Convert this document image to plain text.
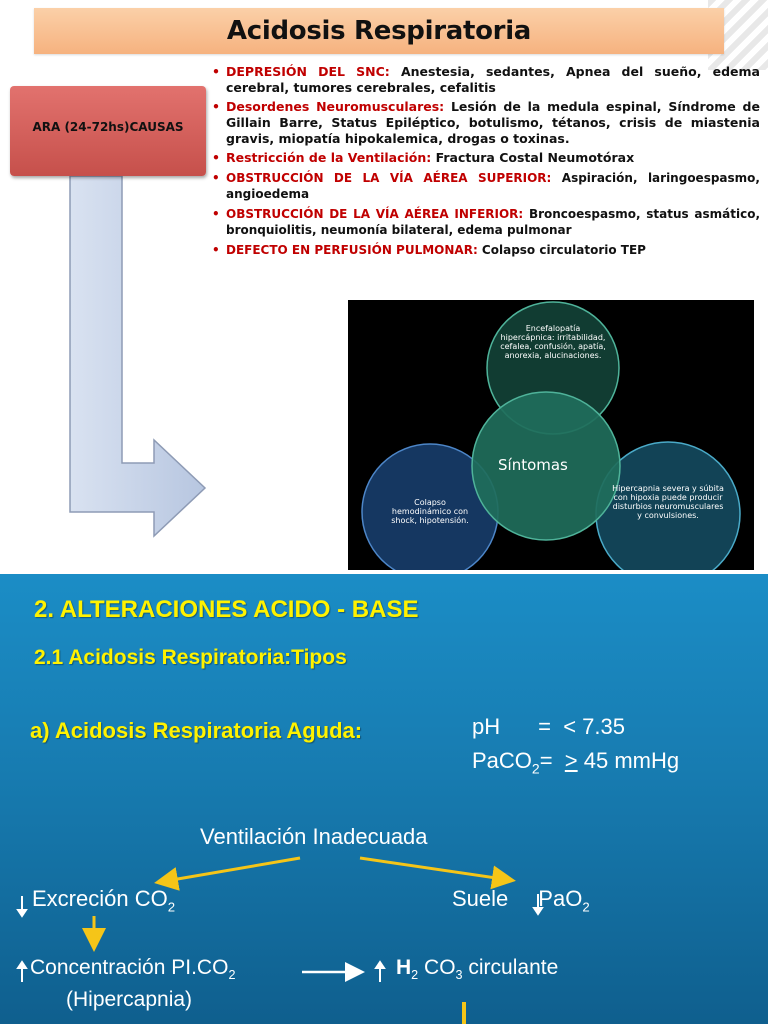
Acidosis Respiratoria
ARA (24-72hs)CAUSAS
• DEPRESIÓN DEL SNC: Anestesia, sedantes, Apnea del sueño, edema cerebral, tumores cerebrales, cefalitis
• Desordenes Neuromusculares: Lesión de la medula espinal, Síndrome de Gillain Barre, Status Epiléptico, botulismo, tétanos, crisis de miastenia gravis, miopatía hipokalemica, drogas o toxinas.
• Restricción de la Ventilación: Fractura Costal Neumotórax
• OBSTRUCCIÓN DE LA VÍA AÉREA SUPERIOR: Aspiración, laringoespasmo, angioedema
• OBSTRUCCIÓN DE LA VÍA AÉREA INFERIOR: Broncoespasmo, status asmático, bronquiolitis, neumonía bilateral, edema pulmonar
• DEFECTO EN PERFUSIÓN PULMONAR: Colapso circulatorio TEP
Encefalopatía hipercápnica: irritabilidad, cefalea, confusión, apatía, anorexia, alucinaciones.
Síntomas
Colapso hemodinámico con shock, hipotensión.
Hipercapnia severa y súbita con hipoxia puede producir disturbios neuromusculares y convulsiones.
2. ALTERACIONES ACIDO - BASE
2.1 Acidosis Respiratoria:Tipos
a) Acidosis Respiratoria Aguda:	pH =  < 7.35
PaCO$_2$=  ≥ 45 mmHg
Ventilación Inadecuada
Excreción $CO_2$	Suele PaO$_2$
Concentración $PI.CO_2$
(Hipercapnia)
$H_2$ $CO_3$ circulante
